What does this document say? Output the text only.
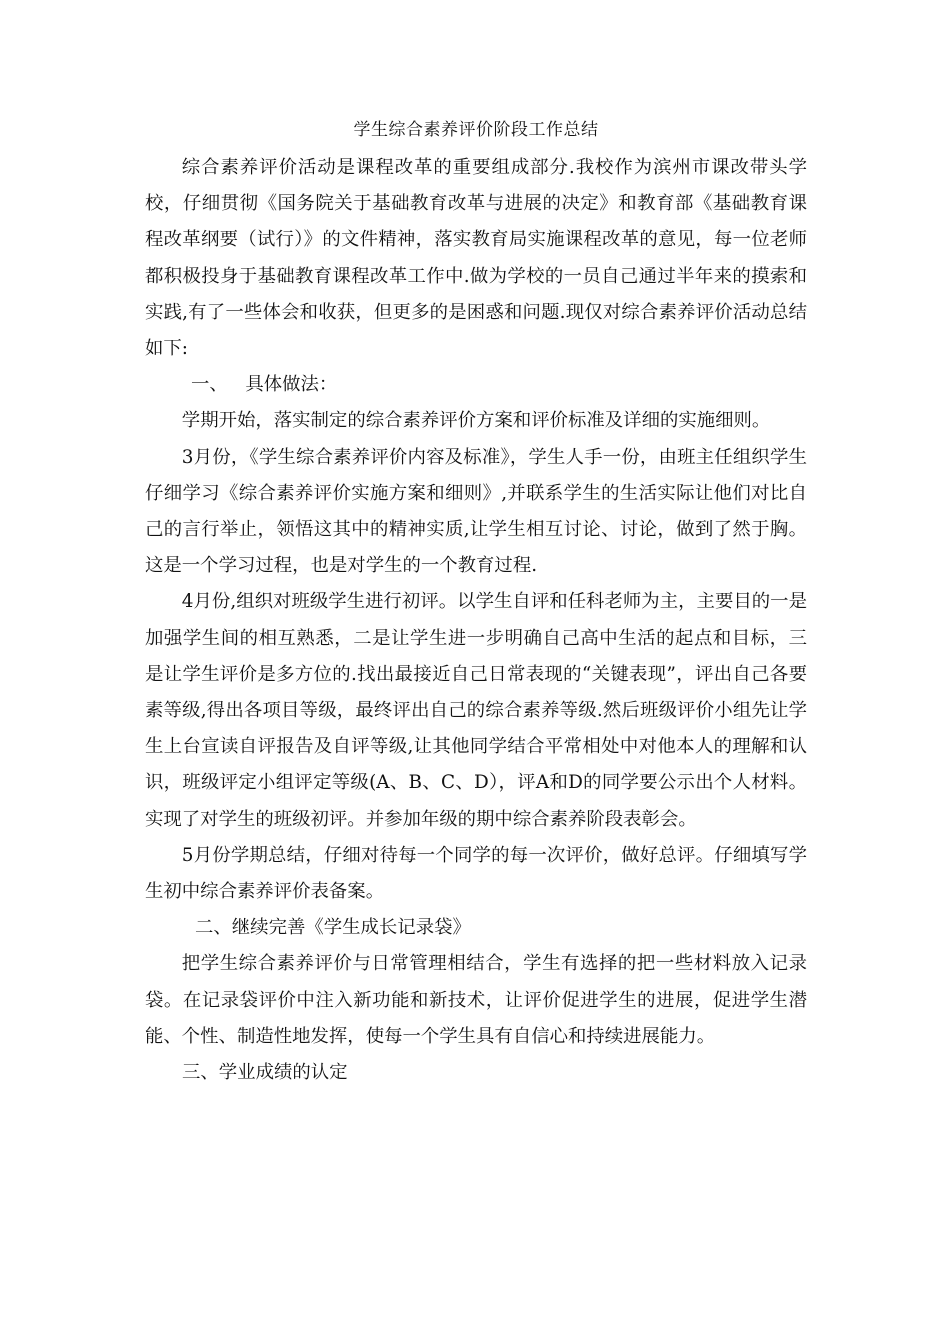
学生综合素养评价阶段工作总结

综合素养评价活动是课程改革的重要组成部分.我校作为滨州市课改带头学校，仔细贯彻《国务院关于基础教育改革与进展的决定》和教育部《基础教育课程改革纲要（试行）》的文件精神，落实教育局实施课程改革的意见，每一位老师都积极投身于基础教育课程改革工作中.做为学校的一员自己通过半年来的摸索和实践,有了一些体会和收获，但更多的是困惑和问题.现仅对综合素养评价活动总结如下:

一、   具体做法：

学期开始，落实制定的综合素养评价方案和评价标准及详细的实施细则。

3月份，《学生综合素养评价内容及标准》，学生人手一份，由班主任组织学生仔细学习《综合素养评价实施方案和细则》,并联系学生的生活实际让他们对比自己的言行举止，领悟这其中的精神实质,让学生相互讨论、讨论，做到了然于胸。这是一个学习过程，也是对学生的一个教育过程.

4月份,组织对班级学生进行初评。以学生自评和任科老师为主，主要目的一是加强学生间的相互熟悉，二是让学生进一步明确自己高中生活的起点和目标，三是让学生评价是多方位的.找出最接近自己日常表现的“关键表现”，评出自己各要素等级,得出各项目等级，最终评出自己的综合素养等级.然后班级评价小组先让学生上台宣读自评报告及自评等级,让其他同学结合平常相处中对他本人的理解和认识，班级评定小组评定等级(A、B、C、D），评A和D的同学要公示出个人材料。实现了对学生的班级初评。并参加年级的期中综合素养阶段表彰会。

5月份学期总结，仔细对待每一个同学的每一次评价，做好总评。仔细填写学生初中综合素养评价表备案。

二、继续完善《学生成长记录袋》

把学生综合素养评价与日常管理相结合，学生有选择的把一些材料放入记录袋。在记录袋评价中注入新功能和新技术，让评价促进学生的进展，促进学生潜能、个性、制造性地发挥，使每一个学生具有自信心和持续进展能力。

三、学业成绩的认定
